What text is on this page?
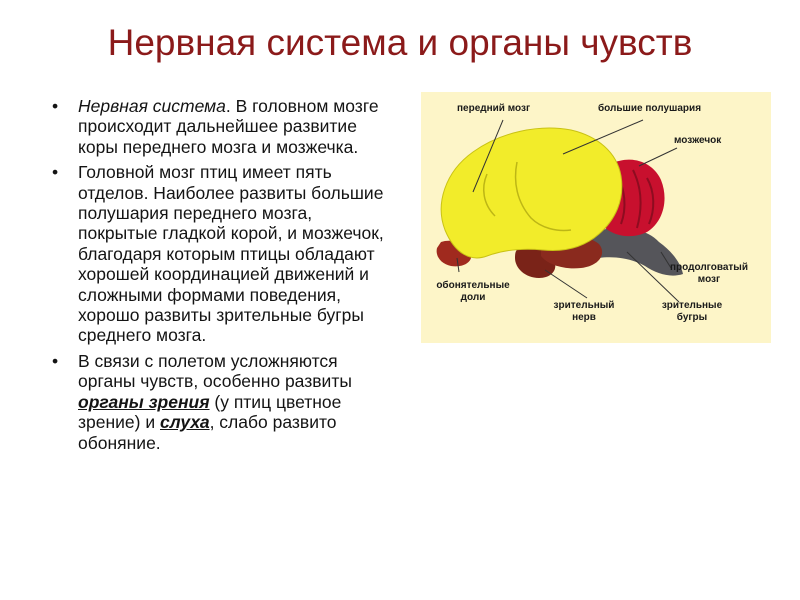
Нервная система и органы чувств
• Нервная система. В головном мозге происходит дальнейшее развитие коры переднего мозга и мозжечка.
• Головной мозг птиц имеет пять отделов. Наиболее развиты большие полушария переднего мозга, покрытые гладкой корой, и мозжечок, благодаря которым птицы обладают хорошей координацией движений и сложными формами поведения, хорошо развиты зрительные бугры среднего мозга.
• В связи с полетом усложняются органы чувств, особенно развиты органы зрения (у птиц цветное зрение) и слуха, слабо развито обоняние.
передний мозг	большие полушария
мозжечок
продолговатый
мозг
обонятельные
доли
зрительный
нерв
зрительные
бугры
